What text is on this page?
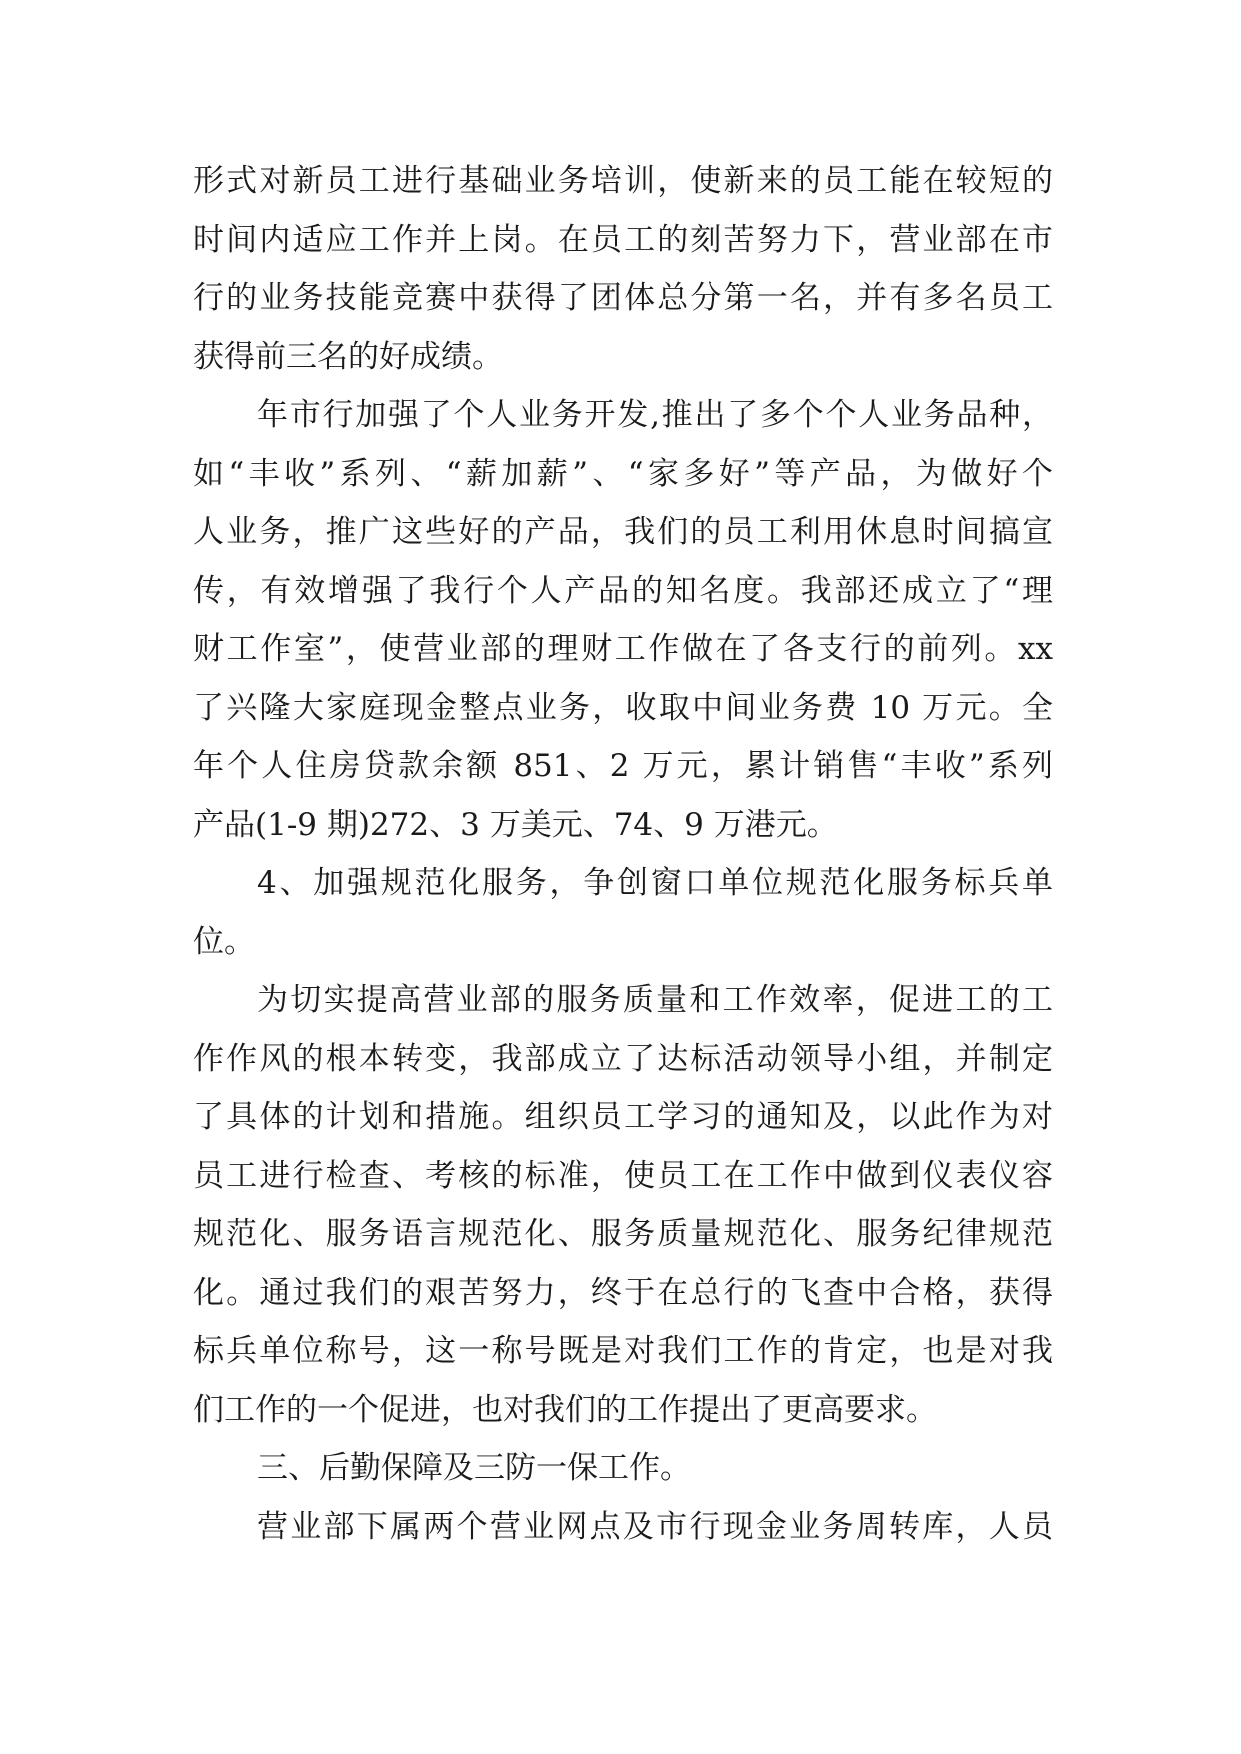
形式对新员工进行基础业务培训，使新来的员工能在较短的
时间内适应工作并上岗。在员工的刻苦努力下，营业部在市
行的业务技能竞赛中获得了团体总分第一名，并有多名员工
获得前三名的好成绩。
年市行加强了个人业务开发,推出了多个个人业务品种，
如“丰收”系列、“薪加薪”、“家多好”等产品，为做好个
人业务，推广这些好的产品，我们的员工利用休息时间搞宣
传，有效增强了我行个人产品的知名度。我部还成立了“理
财工作室”，使营业部的理财工作做在了各支行的前列。xx
了兴隆大家庭现金整点业务，收取中间业务费 10 万元。全
年个人住房贷款余额 851、2 万元，累计销售“丰收”系列
产品(1-9 期)272、3 万美元、74、9 万港元。
4、加强规范化服务，争创窗口单位规范化服务标兵单
位。
为切实提高营业部的服务质量和工作效率，促进工的工
作作风的根本转变，我部成立了达标活动领导小组，并制定
了具体的计划和措施。组织员工学习的通知及，以此作为对
员工进行检查、考核的标准，使员工在工作中做到仪表仪容
规范化、服务语言规范化、服务质量规范化、服务纪律规范
化。通过我们的艰苦努力，终于在总行的飞查中合格，获得
标兵单位称号，这一称号既是对我们工作的肯定，也是对我
们工作的一个促进，也对我们的工作提出了更高要求。
三、后勤保障及三防一保工作。
营业部下属两个营业网点及市行现金业务周转库，人员
